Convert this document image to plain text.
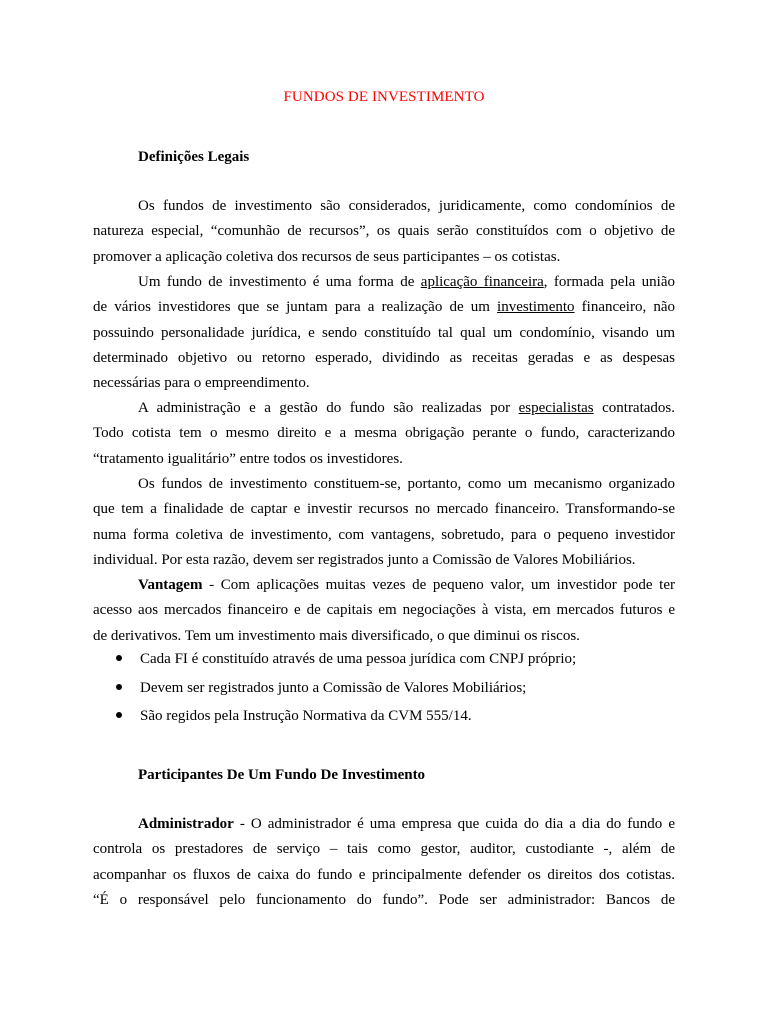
FUNDOS DE INVESTIMENTO
Definições Legais
Os fundos de investimento são considerados, juridicamente, como condomínios de
natureza especial, “comunhão de recursos”, os quais serão constituídos com o objetivo de
promover a aplicação coletiva dos recursos de seus participantes – os cotistas.
Um fundo de investimento é uma forma de aplicação financeira, formada pela união
de vários investidores que se juntam para a realização de um investimento financeiro, não
possuindo personalidade jurídica, e sendo constituído tal qual um condomínio, visando um
determinado objetivo ou retorno esperado, dividindo as receitas geradas e as despesas
necessárias para o empreendimento.
A administração e a gestão do fundo são realizadas por especialistas contratados.
Todo cotista tem o mesmo direito e a mesma obrigação perante o fundo, caracterizando
“tratamento igualitário” entre todos os investidores.
Os fundos de investimento constituem-se, portanto, como um mecanismo organizado
que tem a finalidade de captar e investir recursos no mercado financeiro. Transformando-se
numa forma coletiva de investimento, com vantagens, sobretudo, para o pequeno investidor
individual. Por esta razão, devem ser registrados junto a Comissão de Valores Mobiliários.
Vantagem - Com aplicações muitas vezes de pequeno valor, um investidor pode ter
acesso aos mercados financeiro e de capitais em negociações à vista, em mercados futuros e
de derivativos. Tem um investimento mais diversificado, o que diminui os riscos.
Cada FI é constituído através de uma pessoa jurídica com CNPJ próprio;
Devem ser registrados junto a Comissão de Valores Mobiliários;
São regidos pela Instrução Normativa da CVM 555/14.
Participantes De Um Fundo De Investimento
Administrador - O administrador é uma empresa que cuida do dia a dia do fundo e
controla os prestadores de serviço – tais como gestor, auditor, custodiante -, além de
acompanhar os fluxos de caixa do fundo e principalmente defender os direitos dos cotistas.
“É o responsável pelo funcionamento do fundo”. Pode ser administrador: Bancos de
